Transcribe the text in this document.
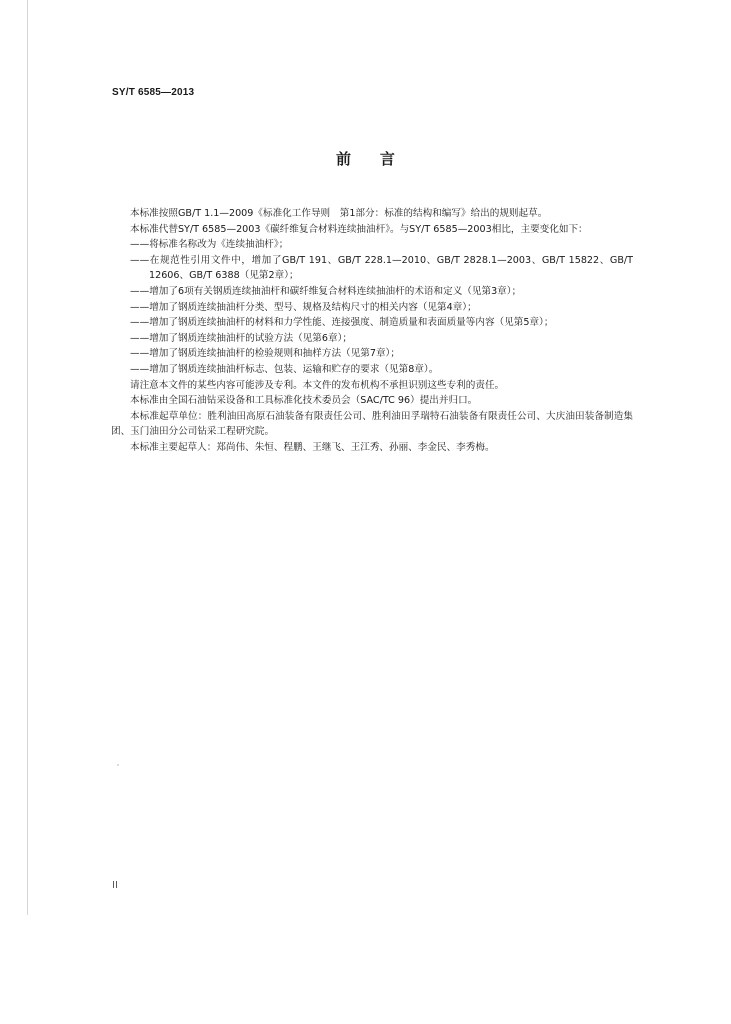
SY/T 6585—2013
前    言

本标准按照GB/T 1.1—2009《标准化工作导则　第1部分：标准的结构和编写》给出的规则起草。

本标准代替SY/T 6585—2003《碳纤维复合材料连续抽油杆》。与SY/T 6585—2003相比，主要变化如下：

——将标准名称改为《连续抽油杆》；

——在规范性引用文件中，增加了GB/T 191、GB/T 228.1—2010、GB/T 2828.1—2003、GB/T 15822、GB/T 12606、GB/T 6388（见第2章）；

——增加了6项有关钢质连续抽油杆和碳纤维复合材料连续抽油杆的术语和定义（见第3章）；

——增加了钢质连续抽油杆分类、型号、规格及结构尺寸的相关内容（见第4章）；

——增加了钢质连续抽油杆的材料和力学性能、连接强度、制造质量和表面质量等内容（见第5章）；

——增加了钢质连续抽油杆的试验方法（见第6章）；

——增加了钢质连续抽油杆的检验规则和抽样方法（见第7章）；

——增加了钢质连续抽油杆标志、包装、运输和贮存的要求（见第8章）。

请注意本文件的某些内容可能涉及专利。本文件的发布机构不承担识别这些专利的责任。

本标准由全国石油钻采设备和工具标准化技术委员会（SAC/TC 96）提出并归口。

本标准起草单位：胜利油田高原石油装备有限责任公司、胜利油田孚瑞特石油装备有限责任公司、大庆油田装备制造集团、玉门油田分公司钻采工程研究院。

本标准主要起草人：郑尚伟、朱恒、程鹏、王继飞、王江秀、孙丽、李金民、李秀梅。

II
